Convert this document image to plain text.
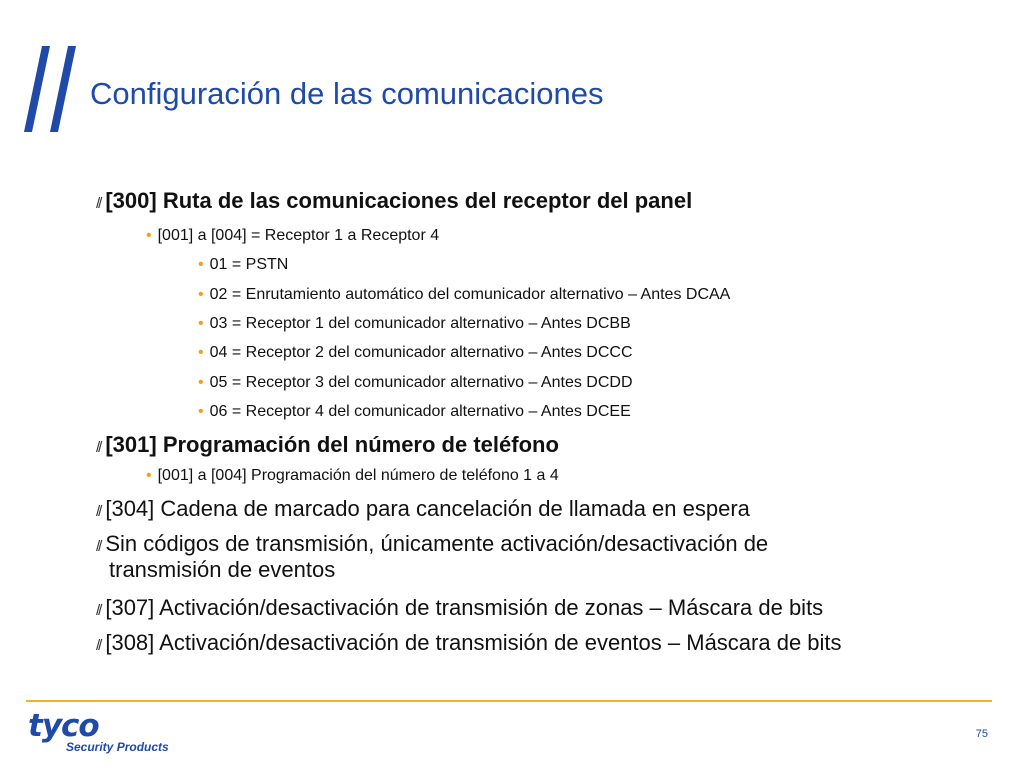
Configuración de las comunicaciones
// [300] Ruta de las comunicaciones del receptor del panel
• [001] a [004] = Receptor 1 a Receptor 4
• 01 = PSTN
• 02 = Enrutamiento automático del comunicador alternativo – Antes DCAA
• 03 = Receptor 1 del comunicador alternativo – Antes DCBB
• 04 = Receptor 2 del comunicador alternativo – Antes DCCC
• 05 = Receptor 3 del comunicador alternativo – Antes DCDD
• 06 = Receptor 4 del comunicador alternativo – Antes DCEE
// [301] Programación del número de teléfono
• [001] a [004] Programación del número de teléfono 1 a 4
// [304] Cadena de marcado para cancelación de llamada en espera
// Sin códigos de transmisión, únicamente activación/desactivación de
transmisión de eventos
// [307] Activación/desactivación de transmisión de zonas – Máscara de bits
// [308] Activación/desactivación de transmisión de eventos – Máscara de bits
tyco
Security Products
75
